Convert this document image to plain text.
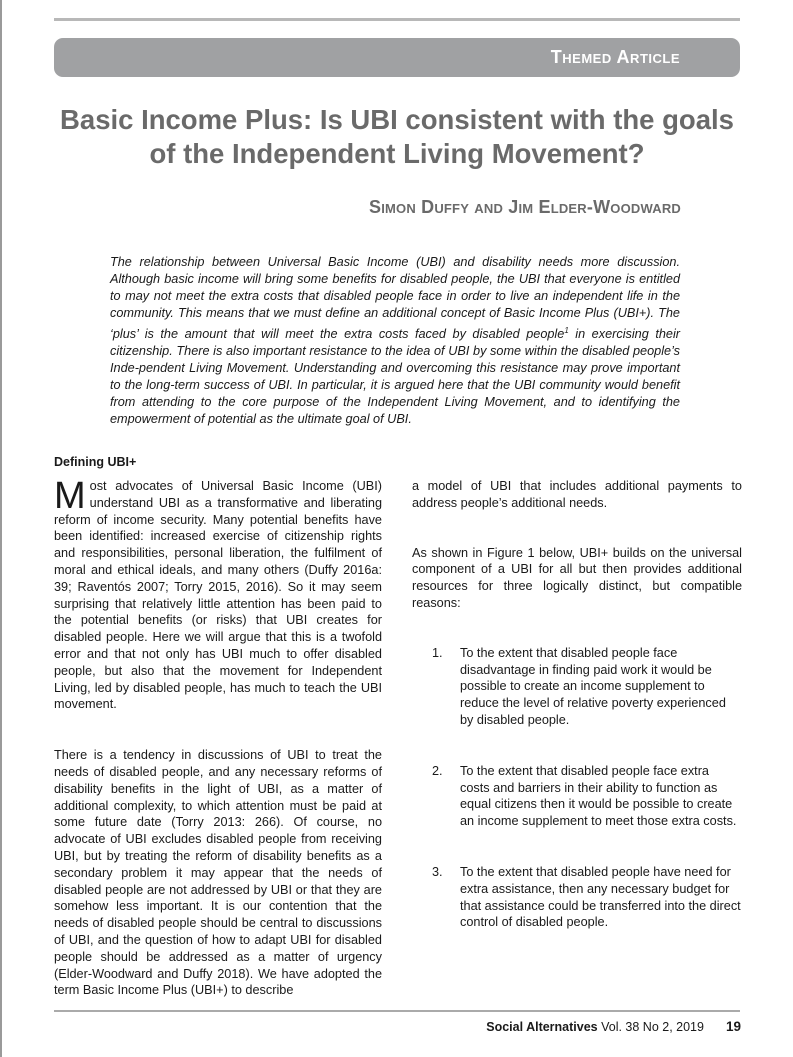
Themed Article
Basic Income Plus: Is UBI consistent with the goals of the Independent Living Movement?

Simon Duffy and Jim Elder-Woodward

The relationship between Universal Basic Income (UBI) and disability needs more discussion. Although basic income will bring some benefits for disabled people, the UBI that everyone is entitled to may not meet the extra costs that disabled people face in order to live an independent life in the community. This means that we must define an additional concept of Basic Income Plus (UBI+). The ‘plus’ is the amount that will meet the extra costs faced by disabled people$^1$ in exercising their citizenship. There is also important resistance to the idea of UBI by some within the disabled people’s Inde-pendent Living Movement. Understanding and overcoming this resistance may prove important to the long-term success of UBI. In particular, it is argued here that the UBI community would benefit from attending to the core purpose of the Independent Living Movement, and to identifying the empowerment of potential as the ultimate goal of UBI.

Defining UBI+

Most advocates of Universal Basic Income (UBI) understand UBI as a transformative and liberating reform of income security. Many potential benefits have been identified: increased exercise of citizenship rights and responsibilities, personal liberation, the fulfilment of moral and ethical ideals, and many others (Duffy 2016a: 39; Raventós 2007; Torry 2015, 2016). So it may seem surprising that relatively little attention has been paid to the potential benefits (or risks) that UBI creates for disabled people. Here we will argue that this is a twofold error and that not only has UBI much to offer disabled people, but also that the movement for Independent Living, led by disabled people, has much to teach the UBI movement.

There is a tendency in discussions of UBI to treat the needs of disabled people, and any necessary reforms of disability benefits in the light of UBI, as a matter of additional complexity, to which attention must be paid at some future date (Torry 2013: 266). Of course, no advocate of UBI excludes disabled people from receiving UBI, but by treating the reform of disability benefits as a secondary problem it may appear that the needs of disabled people are not addressed by UBI or that they are somehow less important. It is our contention that the needs of disabled people should be central to discussions of UBI, and the question of how to adapt UBI for disabled people should be addressed as a matter of urgency (Elder-Woodward and Duffy 2018). We have adopted the term Basic Income Plus (UBI+) to describe

a model of UBI that includes additional payments to address people’s additional needs.

As shown in Figure 1 below, UBI+ builds on the universal component of a UBI for all but then provides additional resources for three logically distinct, but compatible reasons:

1. To the extent that disabled people face disadvantage in finding paid work it would be possible to create an income supplement to reduce the level of relative poverty experienced by disabled people.
2. To the extent that disabled people face extra costs and barriers in their ability to function as equal citizens then it would be possible to create an income supplement to meet those extra costs.
3. To the extent that disabled people have need for extra assistance, then any necessary budget for that assistance could be transferred into the direct control of disabled people.
Social Alternatives Vol. 38 No 2, 2019 19
